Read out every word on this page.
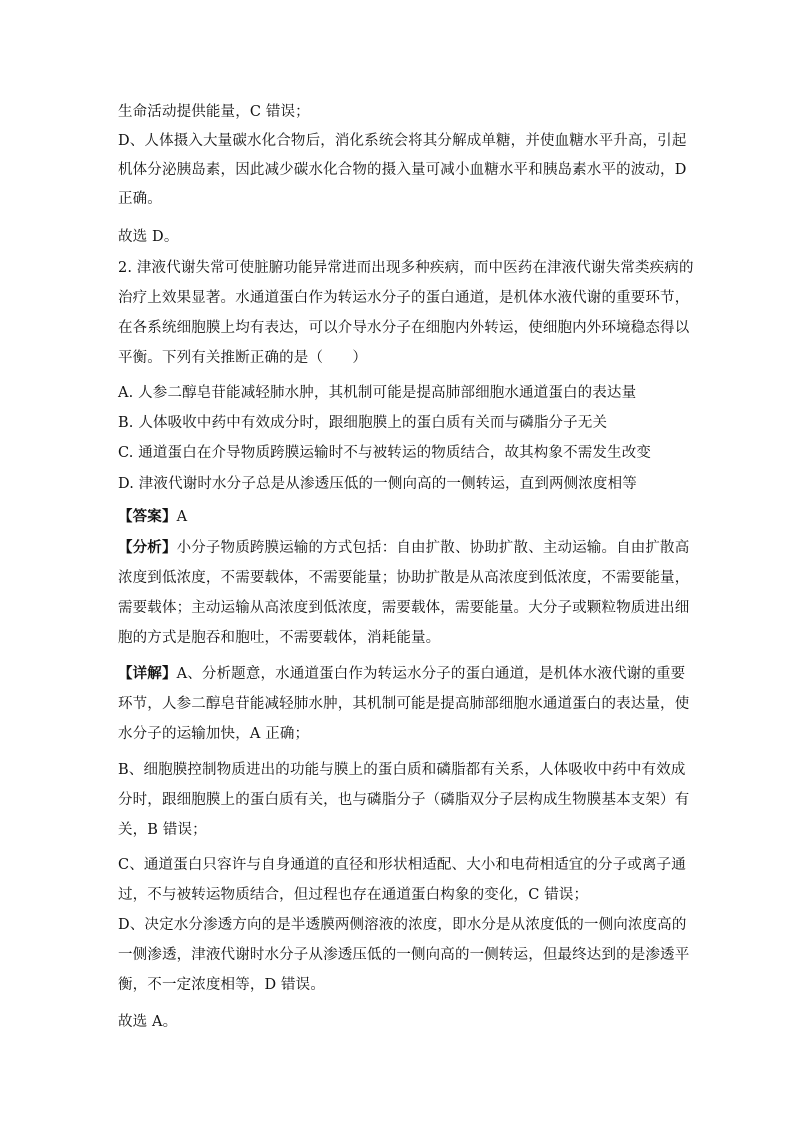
生命活动提供能量，C 错误；
D、人体摄入大量碳水化合物后，消化系统会将其分解成单糖，并使血糖水平升高，引起
机体分泌胰岛素，因此减少碳水化合物的摄入量可减小血糖水平和胰岛素水平的波动，D
正确。
故选 D。
2. 津液代谢失常可使脏腑功能异常进而出现多种疾病，而中医药在津液代谢失常类疾病的
治疗上效果显著。水通道蛋白作为转运水分子的蛋白通道，是机体水液代谢的重要环节，
在各系统细胞膜上均有表达，可以介导水分子在细胞内外转运，使细胞内外环境稳态得以
平衡。下列有关推断正确的是（　　）
A. 人参二醇皂苷能减轻肺水肿，其机制可能是提高肺部细胞水通道蛋白的表达量
B. 人体吸收中药中有效成分时，跟细胞膜上的蛋白质有关而与磷脂分子无关
C. 通道蛋白在介导物质跨膜运输时不与被转运的物质结合，故其构象不需发生改变
D. 津液代谢时水分子总是从渗透压低的一侧向高的一侧转运，直到两侧浓度相等
【答案】A
【分析】小分子物质跨膜运输的方式包括：自由扩散、协助扩散、主动运输。自由扩散高
浓度到低浓度，不需要载体，不需要能量；协助扩散是从高浓度到低浓度，不需要能量，
需要载体；主动运输从高浓度到低浓度，需要载体，需要能量。大分子或颗粒物质进出细
胞的方式是胞吞和胞吐，不需要载体，消耗能量。
【详解】A、分析题意，水通道蛋白作为转运水分子的蛋白通道，是机体水液代谢的重要
环节，人参二醇皂苷能减轻肺水肿，其机制可能是提高肺部细胞水通道蛋白的表达量，使
水分子的运输加快，A 正确；
B、细胞膜控制物质进出的功能与膜上的蛋白质和磷脂都有关系，人体吸收中药中有效成
分时，跟细胞膜上的蛋白质有关，也与磷脂分子（磷脂双分子层构成生物膜基本支架）有
关，B 错误；
C、通道蛋白只容许与自身通道的直径和形状相适配、大小和电荷相适宜的分子或离子通
过，不与被转运物质结合，但过程也存在通道蛋白构象的变化，C 错误；
D、决定水分渗透方向的是半透膜两侧溶液的浓度，即水分是从浓度低的一侧向浓度高的
一侧渗透，津液代谢时水分子从渗透压低的一侧向高的一侧转运，但最终达到的是渗透平
衡，不一定浓度相等，D 错误。
故选 A。
